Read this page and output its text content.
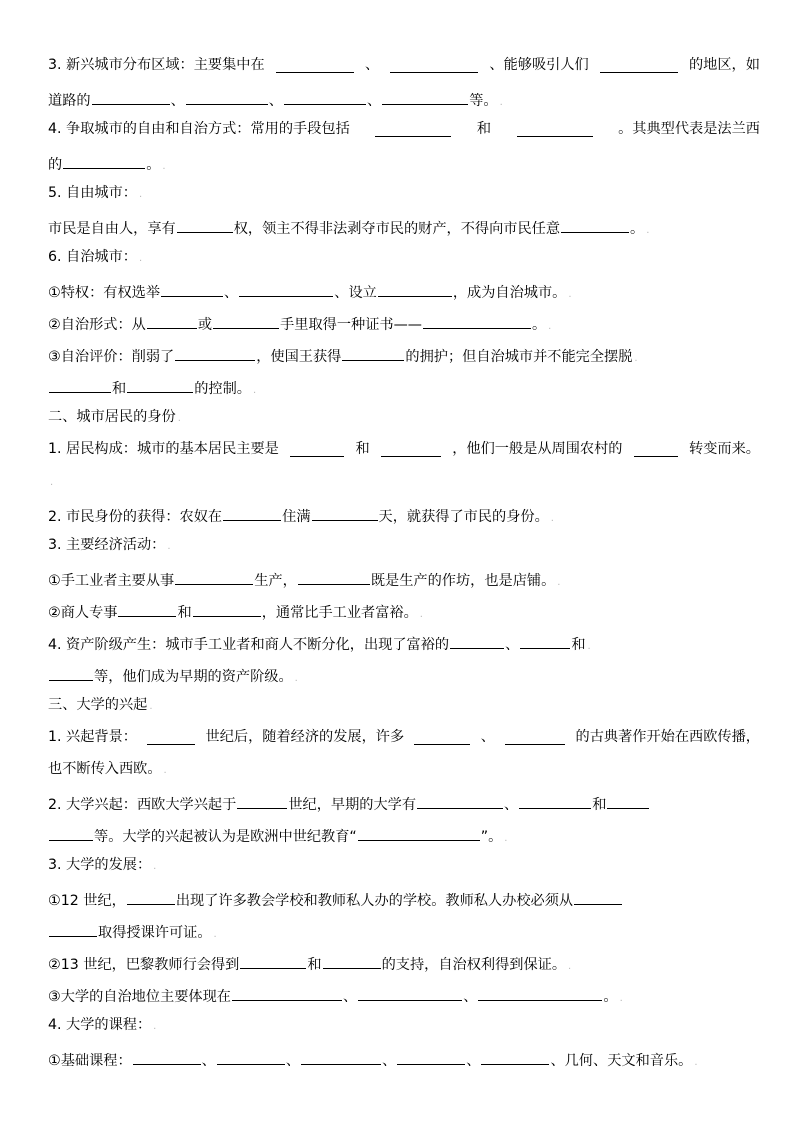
3. 新兴城市分布区域：主要集中在	、	、能够吸引人们	的地区，如
道路的	、	、	、	等。 .
4. 争取城市的自由和自治方式：常用的手段包括	和	。其典型代表是法兰西
的	。 .
5. 自由城市： .
市民是自由人，享有	权，领主不得非法剥夺市民的财产，不得向市民任意	。 .
6. 自治城市： .
①特权：有权选举	、	、设立	，成为自治城市。 .
②自治形式：从	或	手里取得一种证书——	。 .
③自治评价：削弱了	，使国王获得	的拥护；但自治城市并不能完全摆脱 .
和	的控制。 .
二、城市居民的身份 .
1. 居民构成：城市的基本居民主要是	和	，他们一般是从周围农村的	转变而来。
.
2. 市民身份的获得：农奴在	住满	天，就获得了市民的身份。 .
3. 主要经济活动： .
①手工业者主要从事	生产，	既是生产的作坊，也是店铺。 .
②商人专事	和	，通常比手工业者富裕。 .
4. 资产阶级产生：城市手工业者和商人不断分化，出现了富裕的	、	和 .
等，他们成为早期的资产阶级。 .
三、大学的兴起 .
1. 兴起背景：	世纪后，随着经济的发展，许多	、	的古典著作开始在西欧传播，
也不断传入西欧。 .
2. 大学兴起：西欧大学兴起于	世纪，早期的大学有	、	和
等。大学的兴起被认为是欧洲中世纪教育“	”。 .
3. 大学的发展： .
①12 世纪，	出现了许多教会学校和教师私人办的学校。教师私人办校必须从
取得授课许可证。 .
②13 世纪，巴黎教师行会得到	和	的支持，自治权利得到保证。 .
③大学的自治地位主要体现在	、	、	。 .
4. 大学的课程： .
①基础课程：	、	、	、	、	、几何、天文和音乐。 .
